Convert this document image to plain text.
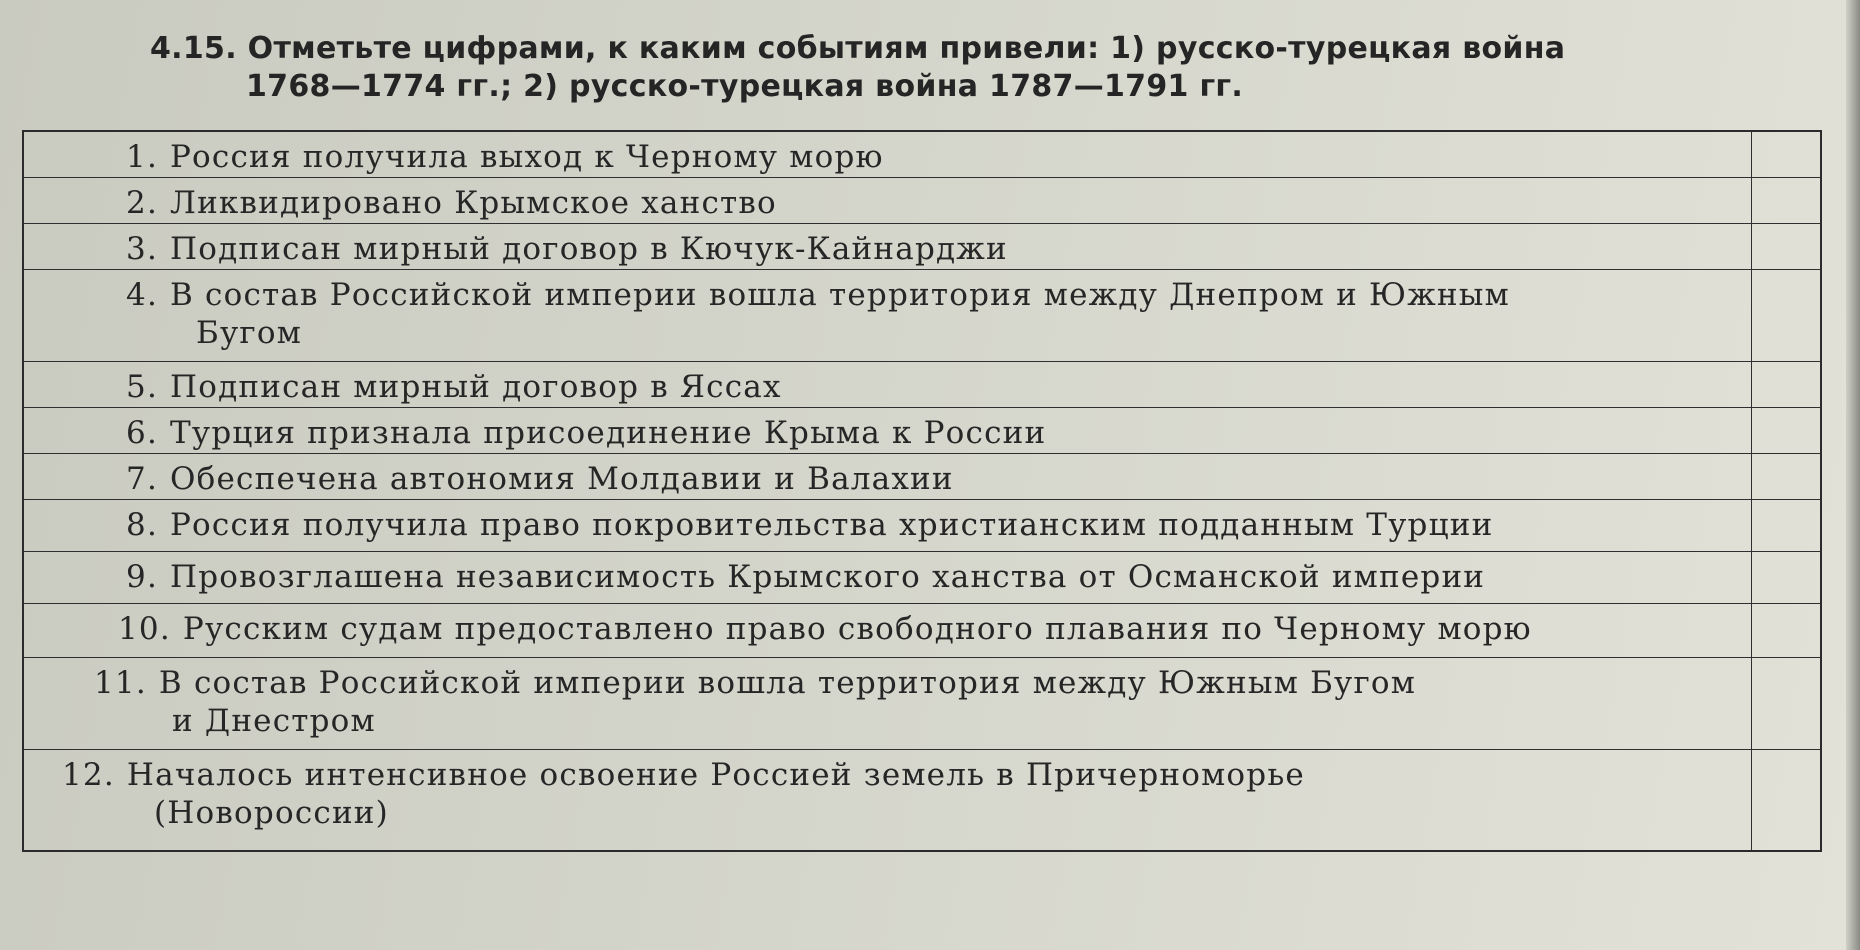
4.15. Отметьте цифрами, к каким событиям привели: 1) русско-турецкая война
1768—1774 гг.; 2) русско-турецкая война 1787—1791 гг.
1. Россия получила выход к Черному морю
2. Ликвидировано Крымское ханство
3. Подписан мирный договор в Кючук-Кайнарджи
4. В состав Российской империи вошла территория между Днепром и Южным
Бугом
5. Подписан мирный договор в Яссах
6. Турция признала присоединение Крыма к России
7. Обеспечена автономия Молдавии и Валахии
8. Россия получила право покровительства христианским подданным Турции
9. Провозглашена независимость Крымского ханства от Османской империи
10. Русским судам предоставлено право свободного плавания по Черному морю
11. В состав Российской империи вошла территория между Южным Бугом
и Днестром
12. Началось интенсивное освоение Россией земель в Причерноморье
(Новороссии)
